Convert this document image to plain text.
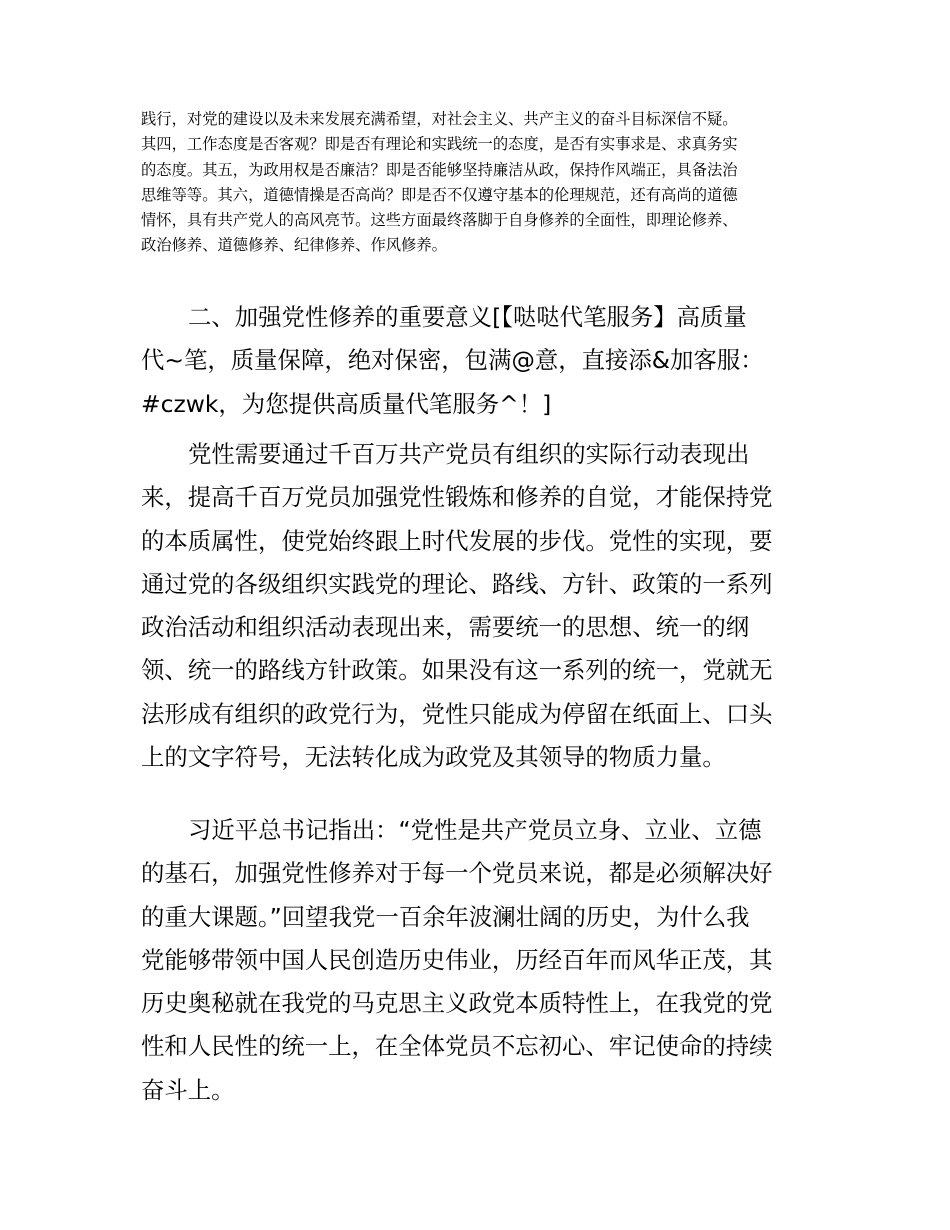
践行，对党的建设以及未来发展充满希望，对社会主义、共产主义的奋斗目标深信不疑。
其四，工作态度是否客观？即是否有理论和实践统一的态度，是否有实事求是、求真务实
的态度。其五，为政用权是否廉洁？即是否能够坚持廉洁从政，保持作风端正，具备法治
思维等等。其六，道德情操是否高尚？即是否不仅遵守基本的伦理规范，还有高尚的道德
情怀，具有共产党人的高风亮节。这些方面最终落脚于自身修养的全面性，即理论修养、
政治修养、道德修养、纪律修养、作风修养。
二、加强党性修养的重要意义[【哒哒代笔服务】高质量
代~笔，质量保障，绝对保密，包满@意，直接添&加客服：
#czwk，为您提供高质量代笔服务^！]
党性需要通过千百万共产党员有组织的实际行动表现出
来，提高千百万党员加强党性锻炼和修养的自觉，才能保持党
的本质属性，使党始终跟上时代发展的步伐。党性的实现，要
通过党的各级组织实践党的理论、路线、方针、政策的一系列
政治活动和组织活动表现出来，需要统一的思想、统一的纲
领、统一的路线方针政策。如果没有这一系列的统一，党就无
法形成有组织的政党行为，党性只能成为停留在纸面上、口头
上的文字符号，无法转化成为政党及其领导的物质力量。
习近平总书记指出：“党性是共产党员立身、立业、立德
的基石，加强党性修养对于每一个党员来说，都是必须解决好
的重大课题。”回望我党一百余年波澜壮阔的历史，为什么我
党能够带领中国人民创造历史伟业，历经百年而风华正茂，其
历史奥秘就在我党的马克思主义政党本质特性上，在我党的党
性和人民性的统一上，在全体党员不忘初心、牢记使命的持续
奋斗上。
